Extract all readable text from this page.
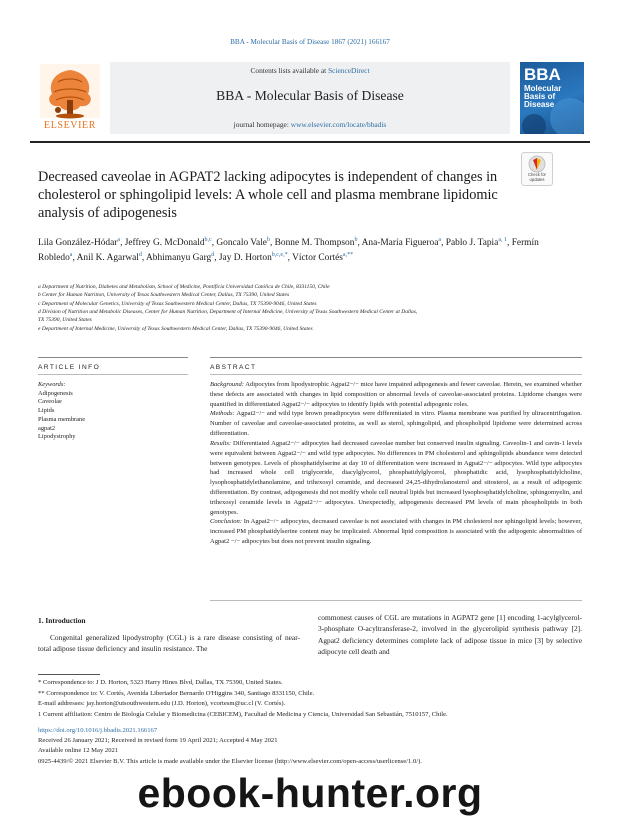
BBA - Molecular Basis of Disease 1867 (2021) 166167
ELSEVIER
Contents lists available at ScienceDirect
BBA - Molecular Basis of Disease
journal homepage: www.elsevier.com/locate/bbadis
BBA
Molecular
Basis of
Disease
Check for updates
Decreased caveolae in AGPAT2 lacking adipocytes is independent of changes in cholesterol or sphingolipid levels: A whole cell and plasma membrane lipidomic analysis of adipogenesis
Lila González-Hódar$^a$, Jeffrey G. McDonald$^{b,c}$, Goncalo Vale$^b$, Bonne M. Thompson$^b$, Ana-María Figueroa$^a$, Pablo J. Tapia$^{a, 1}$, Fermín Robledo$^a$, Anil K. Agarwal$^d$, Abhimanyu Garg$^d$, Jay D. Horton$^{b,c,e,*}$, Víctor Cortés$^{a,**}$
a Department of Nutrition, Diabetes and Metabolism, School of Medicine, Pontificia Universidad Católica de Chile, 8331150, Chile
b Center for Human Nutrition, University of Texas Southwestern Medical Center, Dallas, TX 75390, United States
c Department of Molecular Genetics, University of Texas Southwestern Medical Center, Dallas, TX 75390-9046, United States
d Division of Nutrition and Metabolic Diseases, Center for Human Nutrition, Department of Internal Medicine, University of Texas Southwestern Medical Center at Dallas,
TX 75390, United States
e Department of Internal Medicine, University of Texas Southwestern Medical Center, Dallas, TX 75390-9046, United States
ARTICLE INFO	ABSTRACT
Keywords:
Adipogenesis
Caveolae
Lipids
Plasma membrane
agpat2
Lipodystrophy

Background: Adipocytes from lipodystrophic Agpat2−/− mice have impaired adipogenesis and fewer caveolae. Herein, we examined whether these defects are associated with changes in lipid composition or abnormal levels of caveolae-associated proteins. Lipidome changes were quantified in differentiated Agpat2−/− adipocytes to identify lipids with potential adipogenic roles.

Methods: Agpat2−/− and wild type brown preadipocytes were differentiated in vitro. Plasma membrane was purified by ultracentrifugation. Number of caveolae and caveolae-associated proteins, as well as sterol, sphingolipid, and phospholipid lipidome were determined across differentiation.

Results: Differentiated Agpat2−/− adipocytes had decreased caveolae number but conserved insulin signaling. Caveolin-1 and cavin-1 levels were equivalent between Agpat2−/− and wild type adipocytes. No differences in PM cholesterol and sphingolipids abundance were detected between genotypes. Levels of phosphatidylserine at day 10 of differentiation were increased in Agpat2−/− adipocytes. Wild type adipocytes had increased whole cell triglyceride, diacylglycerol, phosphatidylglycerol, phosphatidic acid, lysophosphatidylcholine, lysophosphatidylethanolamine, and trihexosyl ceramide, and decreased 24,25-dihydrolanosterol and sitosterol, as a result of adipogenic differentiation. By contrast, adipogenesis did not modify whole cell neutral lipids but increased lysophosphatidylcholine, sphingomyelin, and trihexosyl ceramide levels in Agpat2−/− adipocytes. Unexpectedly, adipogenesis decreased PM levels of main phospholipids in both genotypes.

Conclusion: In Agpat2−/− adipocytes, decreased caveolae is not associated with changes in PM cholesterol nor sphingolipid levels; however, increased PM phosphatidylserine content may be implicated. Abnormal lipid composition is associated with the adipogenic abnormalities of Agpat2 −/− adipocytes but does not prevent insulin signaling.

1. Introduction
Congenital generalized lipodystrophy (CGL) is a rare disease consisting of near-total adipose tissue deficiency and insulin resistance. The
commonest causes of CGL are mutations in AGPAT2 gene [1] encoding 1-acylglycerol-3-phosphate O-acyltransferase-2, involved in the glycerolipid synthesis pathway [2]. Agpat2 deficiency determines complete lack of adipose tissue in mice [3] by selective adipocyte cell death and
* Correspondence to: J D. Horton, 5323 Harry Hines Blvd, Dallas, TX 75390, United States.
** Correspondence to: V. Cortés, Avenida Libertador Bernardo O'Higgins 340, Santiago 8331150, Chile.
E-mail addresses: jay.horton@utsouthwestern.edu (J.D. Horton), vcortesm@uc.cl (V. Cortés).
1 Current affiliation: Centro de Biología Celular y Biomedicina (CEBICEM), Facultad de Medicina y Ciencia, Universidad San Sebastián, 7510157, Chile.
https://doi.org/10.1016/j.bbadis.2021.166167
Received 26 January 2021; Received in revised form 19 April 2021; Accepted 4 May 2021
Available online 12 May 2021
0925-4439/© 2021 Elsevier B.V. This article is made available under the Elsevier license (http://www.elsevier.com/open-access/userlicense/1.0/).
ebook-hunter.org
